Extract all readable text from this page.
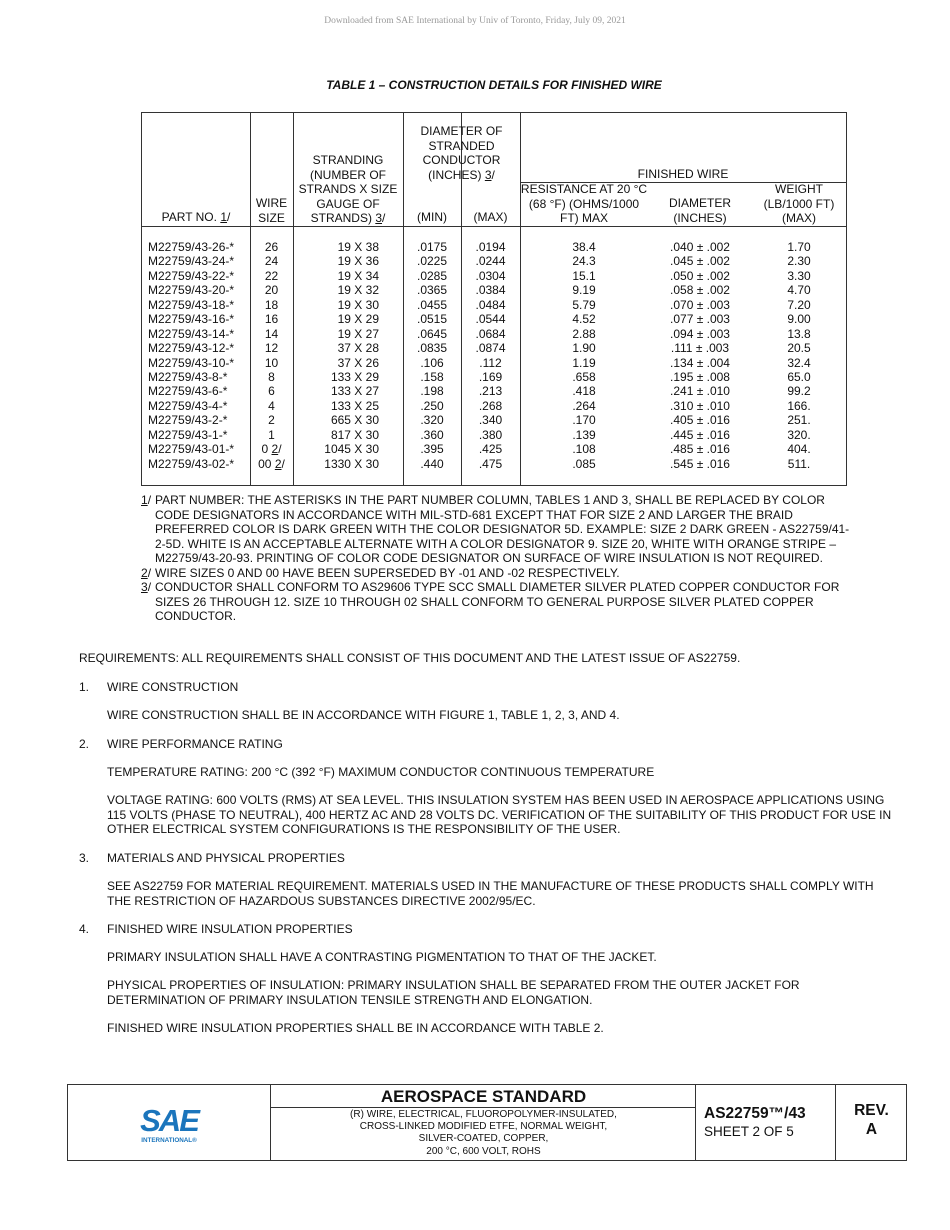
Downloaded from SAE International by Univ of Toronto, Friday, July 09, 2021
TABLE 1 – CONSTRUCTION DETAILS FOR FINISHED WIRE
PART NO. 1/
WIRE SIZE
STRANDING (NUMBER OF STRANDS X SIZE GAUGE OF STRANDS) 3/
DIAMETER OF STRANDED CONDUCTOR (INCHES) 3/
(MIN)	(MAX)
FINISHED WIRE
RESISTANCE AT 20 °C (68 °F) (OHMS/1000 FT) MAX
DIAMETER (INCHES)
WEIGHT (LB/1000 FT) (MAX)
M22759/43-26-*
M22759/43-24-*
M22759/43-22-*
M22759/43-20-*
M22759/43-18-*
M22759/43-16-*
M22759/43-14-*
M22759/43-12-*
M22759/43-10-*
M22759/43-8-*
M22759/43-6-*
M22759/43-4-*
M22759/43-2-*
M22759/43-1-*
M22759/43-01-*
M22759/43-02-*
26
24
22
20
18
16
14
12
10
8
6
4
2
1
0 2/
00 2/
19 X 38
19 X 36
19 X 34
19 X 32
19 X 30
19 X 29
19 X 27
37 X 28
37 X 26
133 X 29
133 X 27
133 X 25
665 X 30
817 X 30
1045 X 30
1330 X 30
.0175
.0225
.0285
.0365
.0455
.0515
.0645
.0835
.106
.158
.198
.250
.320
.360
.395
.440
.0194
.0244
.0304
.0384
.0484
.0544
.0684
.0874
.112
.169
.213
.268
.340
.380
.425
.475
38.4
24.3
15.1
9.19
5.79
4.52
2.88
1.90
1.19
.658
.418
.264
.170
.139
.108
.085
.040 ± .002
.045 ± .002
.050 ± .002
.058 ± .002
.070 ± .003
.077 ± .003
.094 ± .003
.111 ± .003
.134 ± .004
.195 ± .008
.241 ± .010
.310 ± .010
.405 ± .016
.445 ± .016
.485 ± .016
.545 ± .016
1.70
2.30
3.30
4.70
7.20
9.00
13.8
20.5
32.4
65.0
99.2
166.
251.
320.
404.
511.
1/ PART NUMBER: THE ASTERISKS IN THE PART NUMBER COLUMN, TABLES 1 AND 3, SHALL BE REPLACED BY COLOR CODE DESIGNATORS IN ACCORDANCE WITH MIL-STD-681 EXCEPT THAT FOR SIZE 2 AND LARGER THE BRAID PREFERRED COLOR IS DARK GREEN WITH THE COLOR DESIGNATOR 5D. EXAMPLE: SIZE 2 DARK GREEN - AS22759/41-2-5D. WHITE IS AN ACCEPTABLE ALTERNATE WITH A COLOR DESIGNATOR 9. SIZE 20, WHITE WITH ORANGE STRIPE – M22759/43-20-93. PRINTING OF COLOR CODE DESIGNATOR ON SURFACE OF WIRE INSULATION IS NOT REQUIRED.
2/ WIRE SIZES 0 AND 00 HAVE BEEN SUPERSEDED BY -01 AND -02 RESPECTIVELY.
3/ CONDUCTOR SHALL CONFORM TO AS29606 TYPE SCC SMALL DIAMETER SILVER PLATED COPPER CONDUCTOR FOR SIZES 26 THROUGH 12. SIZE 10 THROUGH 02 SHALL CONFORM TO GENERAL PURPOSE SILVER PLATED COPPER CONDUCTOR.
REQUIREMENTS: ALL REQUIREMENTS SHALL CONSIST OF THIS DOCUMENT AND THE LATEST ISSUE OF AS22759.
1. WIRE CONSTRUCTION
WIRE CONSTRUCTION SHALL BE IN ACCORDANCE WITH FIGURE 1, TABLE 1, 2, 3, AND 4.
2. WIRE PERFORMANCE RATING
TEMPERATURE RATING: 200 °C (392 °F) MAXIMUM CONDUCTOR CONTINUOUS TEMPERATURE
VOLTAGE RATING: 600 VOLTS (RMS) AT SEA LEVEL. THIS INSULATION SYSTEM HAS BEEN USED IN AEROSPACE APPLICATIONS USING 115 VOLTS (PHASE TO NEUTRAL), 400 HERTZ AC AND 28 VOLTS DC. VERIFICATION OF THE SUITABILITY OF THIS PRODUCT FOR USE IN OTHER ELECTRICAL SYSTEM CONFIGURATIONS IS THE RESPONSIBILITY OF THE USER.
3. MATERIALS AND PHYSICAL PROPERTIES
SEE AS22759 FOR MATERIAL REQUIREMENT. MATERIALS USED IN THE MANUFACTURE OF THESE PRODUCTS SHALL COMPLY WITH THE RESTRICTION OF HAZARDOUS SUBSTANCES DIRECTIVE 2002/95/EC.
4. FINISHED WIRE INSULATION PROPERTIES
PRIMARY INSULATION SHALL HAVE A CONTRASTING PIGMENTATION TO THAT OF THE JACKET.
PHYSICAL PROPERTIES OF INSULATION: PRIMARY INSULATION SHALL BE SEPARATED FROM THE OUTER JACKET FOR DETERMINATION OF PRIMARY INSULATION TENSILE STRENGTH AND ELONGATION.
FINISHED WIRE INSULATION PROPERTIES SHALL BE IN ACCORDANCE WITH TABLE 2.
SAE
INTERNATIONAL®
AEROSPACE STANDARD
(R) WIRE, ELECTRICAL, FLUOROPOLYMER-INSULATED,
CROSS-LINKED MODIFIED ETFE, NORMAL WEIGHT,
SILVER-COATED, COPPER,
200 °C, 600 VOLT, ROHS
AS22759™/43
SHEET 2 OF 5
REV.
A
